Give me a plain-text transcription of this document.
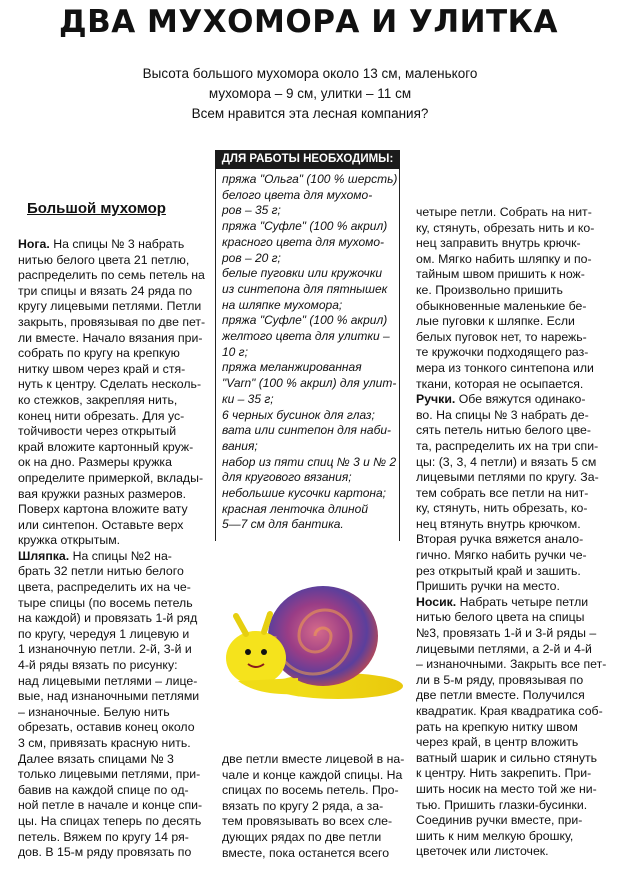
ДВА МУХОМОРА И УЛИТКА
Высота большого мухомора около 13 см, маленького
мухомора – 9 см, улитки – 11 см
Всем нравится эта лесная компания?
ДЛЯ РАБОТЫ НЕОБХОДИМЫ:
пряжа "Ольга" (100 % шерсть)
белого цвета для мухомо-
ров – 35 г;
пряжа "Суфле" (100 % акрил)
красного цвета для мухомо-
ров – 20 г;
белые пуговки или кружочки
из синтепона для пятнышек
на шляпке мухомора;
пряжа "Суфле" (100 % акрил)
желтого цвета для улитки –
10 г;
пряжа меланжированная
"Varn" (100 % акрил) для улит-
ки – 35 г;
6 черных бусинок для глаз;
вата или синтепон для наби-
вания;
набор из пяти спиц № 3 и № 2
для кругового вязания;
небольшие кусочки картона;
красная ленточка длиной
5—7 см для бантика.
Большой мухомор
Нога. На спицы № 3 набрать
нитью белого цвета 21 петлю,
распределить по семь петель на
три спицы и вязать 24 ряда по
кругу лицевыми петлями. Петли
закрыть, провязывая по две пет-
ли вместе. Начало вязания при-
собрать по кругу на крепкую
нитку швом через край и стя-
нуть к центру. Сделать несколь-
ко стежков, закрепляя нить,
конец нити обрезать. Для ус-
тойчивости через открытый
край вложите картонный круж-
ок на дно. Размеры кружка
определите примеркой, вклады-
вая кружки разных размеров.
Поверх картона вложите вату
или синтепон. Оставьте верх
кружка открытым.
Шляпка. На спицы №2 на-
брать 32 петли нитью белого
цвета, распределить их на че-
тыре спицы (по восемь петель
на каждой) и провязать 1-й ряд
по кругу, чередуя 1 лицевую и
1 изнаночную петли. 2-й, 3-й и
4-й ряды вязать по рисунку:
над лицевыми петлями – лице-
вые, над изнаночными петлями
– изнаночные. Белую нить
обрезать, оставив конец около
3 см, привязать красную нить.
Далее вязать спицами № 3
только лицевыми петлями, при-
бавив на каждой спице по од-
ной петле в начале и конце спи-
цы. На спицах теперь по десять
петель. Вяжем по кругу 14 ря-
дов. В 15-м ряду провязать по
две петли вместе лицевой в на-
чале и конце каждой спицы. На
спицах по восемь петель. Про-
вязать по кругу 2 ряда, а за-
тем провязывать во всех сле-
дующих рядах по две петли
вместе, пока останется всего
четыре петли. Собрать на нит-
ку, стянуть, обрезать нить и ко-
нец заправить внутрь крючк-
ом. Мягко набить шляпку и по-
тайным швом пришить к нож-
ке. Произвольно пришить
обыкновенные маленькие бе-
лые пуговки к шляпке. Если
белых пуговок нет, то нарежь-
те кружочки подходящего раз-
мера из тонкого синтепона или
ткани, которая не осыпается.
Ручки. Обе вяжутся одинако-
во. На спицы № 3 набрать де-
сять петель нитью белого цве-
та, распределить их на три спи-
цы: (3, 3, 4 петли) и вязать 5 см
лицевыми петлями по кругу. За-
тем собрать все петли на нит-
ку, стянуть, нить обрезать, ко-
нец втянуть внутрь крючком.
Вторая ручка вяжется анало-
гично. Мягко набить ручки че-
рез открытый край и зашить.
Пришить ручки на место.
Носик. Набрать четыре петли
нитью белого цвета на спицы
№3, провязать 1-й и 3-й ряды –
лицевыми петлями, а 2-й и 4-й
– изнаночными. Закрыть все пет-
ли в 5-м ряду, провязывая по
две петли вместе. Получился
квадратик. Края квадратика соб-
рать на крепкую нитку швом
через край, в центр вложить
ватный шарик и сильно стянуть
к центру. Нить закрепить. При-
шить носик на место той же ни-
тью. Пришить глазки-бусинки.
Соединив ручки вместе, при-
шить к ним мелкую брошку,
цветочек или листочек.
